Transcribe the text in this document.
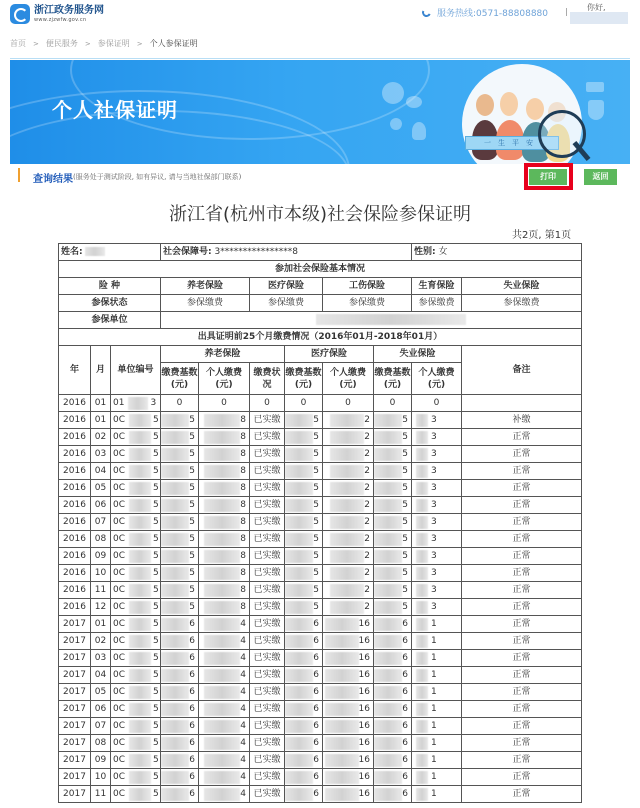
浙江政务服务网
www.zjzwfw.gov.cn
服务热线:0571-88808880
你好,
首页 > 便民服务 > 参保证明 > 个人参保证明
个人社保证明
一生平安
查询结果 (服务处于测试阶段, 如有异议, 请与当地社保部门联系)	打印	返回
浙江省(杭州市本级)社会保险参保证明
共2页, 第1页
姓名:			社会保障号: 3****************8						性别: 女	
参加社会保险基本情况										
险 种			养老保险		医疗保险		工伤保险		生育保险	失业保险
参保状态			参保缴费		参保缴费		参保缴费		参保缴费	参保缴费
参保单位										
出具证明前25个月缴费情况（2016年01月-2018年01月）										
年	月	单位编号	养老保险			医疗保险		失业保险		备注
			缴费基数(元)	个人缴费(元)	缴费状况	缴费基数(元)	个人缴费(元)	缴费基数(元)	个人缴费(元)	
2016	01	01 3	0	0	0	0	0	0	0	
2016	01	0C 5	5	8	已实缴	5	2	5	3	补缴
2016	02	0C 5	5	8	已实缴	5	2	5	3	正常
2016	03	0C 5	5	8	已实缴	5	2	5	3	正常
2016	04	0C 5	5	8	已实缴	5	2	5	3	正常
2016	05	0C 5	5	8	已实缴	5	2	5	3	正常
2016	06	0C 5	5	8	已实缴	5	2	5	3	正常
2016	07	0C 5	5	8	已实缴	5	2	5	3	正常
2016	08	0C 5	5	8	已实缴	5	2	5	3	正常
2016	09	0C 5	5	8	已实缴	5	2	5	3	正常
2016	10	0C 5	5	8	已实缴	5	2	5	3	正常
2016	11	0C 5	5	8	已实缴	5	2	5	3	正常
2016	12	0C 5	5	8	已实缴	5	2	5	3	正常
2017	01	0C 5	6	4	已实缴	6	16	6	1	正常
2017	02	0C 5	6	4	已实缴	6	16	6	1	正常
2017	03	0C 5	6	4	已实缴	6	16	6	1	正常
2017	04	0C 5	6	4	已实缴	6	16	6	1	正常
2017	05	0C 5	6	4	已实缴	6	16	6	1	正常
2017	06	0C 5	6	4	已实缴	6	16	6	1	正常
2017	07	0C 5	6	4	已实缴	6	16	6	1	正常
2017	08	0C 5	6	4	已实缴	6	16	6	1	正常
2017	09	0C 5	6	4	已实缴	6	16	6	1	正常
2017	10	0C 5	6	4	已实缴	6	16	6	1	正常
2017	11	0C 5	6	4	已实缴	6	16	6	1	正常
